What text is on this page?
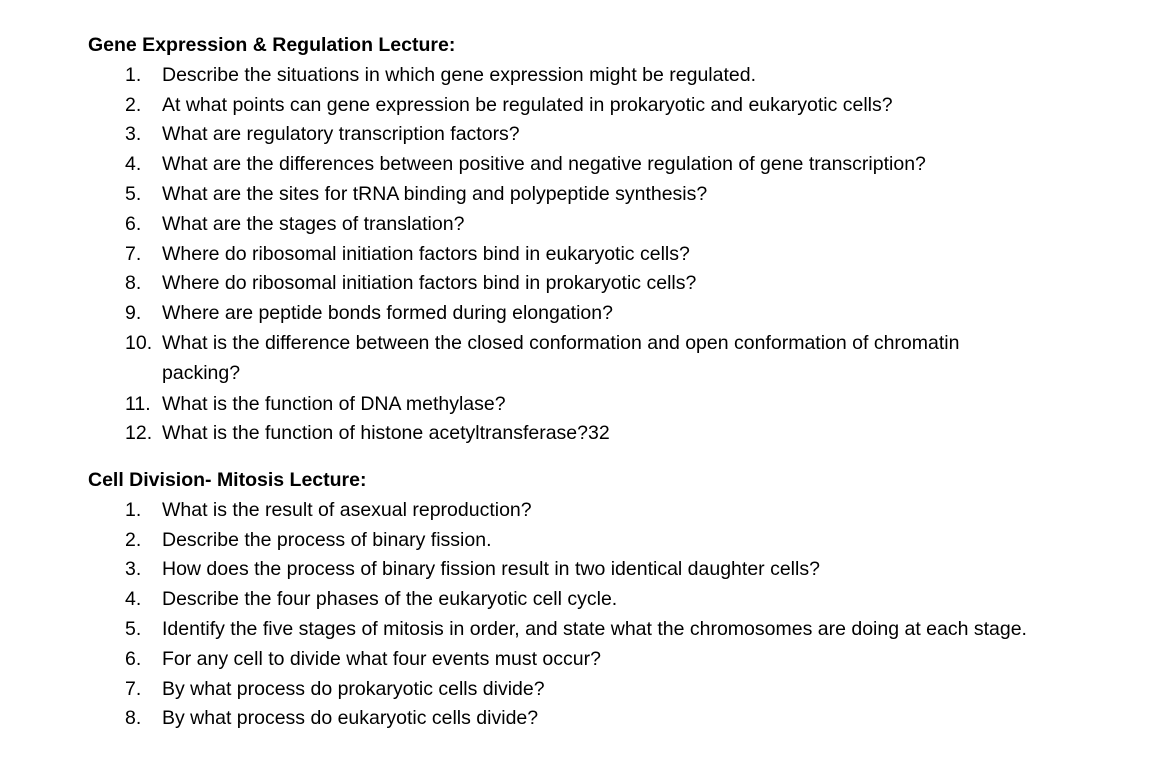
Gene Expression & Regulation Lecture:
1. Describe the situations in which gene expression might be regulated.
2. At what points can gene expression be regulated in prokaryotic and eukaryotic cells?
3. What are regulatory transcription factors?
4. What are the differences between positive and negative regulation of gene transcription?
5. What are the sites for tRNA binding and polypeptide synthesis?
6. What are the stages of translation?
7. Where do ribosomal initiation factors bind in eukaryotic cells?
8. Where do ribosomal initiation factors bind in prokaryotic cells?
9. Where are peptide bonds formed during elongation?
10. What is the difference between the closed conformation and open conformation of chromatin packing?
11. What is the function of DNA methylase?
12. What is the function of histone acetyltransferase?32
Cell Division- Mitosis Lecture:
1. What is the result of asexual reproduction?
2. Describe the process of binary fission.
3. How does the process of binary fission result in two identical daughter cells?
4. Describe the four phases of the eukaryotic cell cycle.
5. Identify the five stages of mitosis in order, and state what the chromosomes are doing at each stage.
6. For any cell to divide what four events must occur?
7. By what process do prokaryotic cells divide?
8. By what process do eukaryotic cells divide?
